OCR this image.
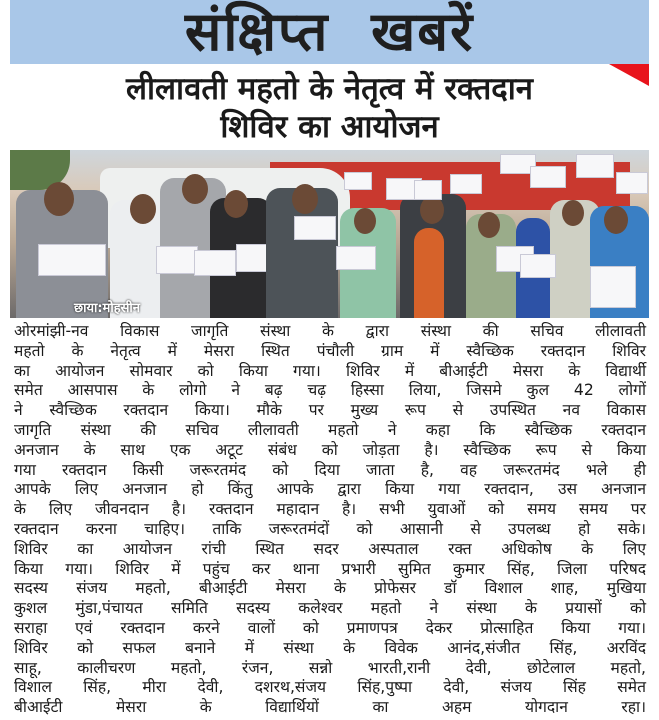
संक्षिप्त  खबरें
लीलावती महतो के नेतृत्व में रक्तदान
शिविर का आयोजन
छाया:मोहसीन
ओरमांझी-नव विकास जागृति संस्था के द्वारा संस्था की सचिव लीलावती
महतो के नेतृत्व में मेसरा स्थित पंचौली ग्राम में स्वैच्छिक रक्तदान शिविर
का आयोजन सोमवार को किया गया। शिविर में बीआईटी मेसरा के विद्यार्थी
समेत आसपास के लोगो ने बढ़ चढ़ हिस्सा लिया, जिसमे कुल 42 लोगों
ने स्वैच्छिक रक्तदान किया। मौके पर मुख्य रूप से उपस्थित नव विकास
जागृति संस्था की सचिव लीलावती महतो ने कहा कि स्वैच्छिक रक्तदान
अनजान के साथ एक अटूट संबंध को जोड़ता है। स्वैच्छिक रूप से किया
गया रक्तदान किसी जरूरतमंद को दिया जाता है, वह जरूरतमंद भले ही
आपके लिए अनजान हो किंतु आपके द्वारा किया गया रक्तदान, उस अनजान
के लिए जीवनदान है। रक्तदान महादान है। सभी युवाओं को समय समय पर
रक्तदान करना चाहिए। ताकि जरूरतमंदों को आसानी से उपलब्ध हो सके।
शिविर का आयोजन रांची स्थित सदर अस्पताल रक्त अधिकोष के लिए
किया गया। शिविर में पहुंच कर थाना प्रभारी सुमित कुमार सिंह, जिला परिषद
सदस्य संजय महतो, बीआईटी मेसरा के प्रोफेसर डॉ विशाल शाह, मुखिया
कुशल मुंडा,पंचायत समिति सदस्य कलेश्वर महतो ने संस्था के प्रयासों को
सराहा एवं रक्तदान करने वालों को प्रमाणपत्र देकर प्रोत्साहित किया गया।
शिविर को सफल बनाने में संस्था के विवेक आनंद,संजीत सिंह, अरविंद
साहू, कालीचरण महतो, रंजन, सन्नो भारती,रानी देवी, छोटेलाल महतो,
विशाल सिंह, मीरा देवी, दशरथ,संजय सिंह,पुष्पा देवी, संजय सिंह समेत
बीआईटी मेसरा के विद्यार्थियों का अहम योगदान रहा।
